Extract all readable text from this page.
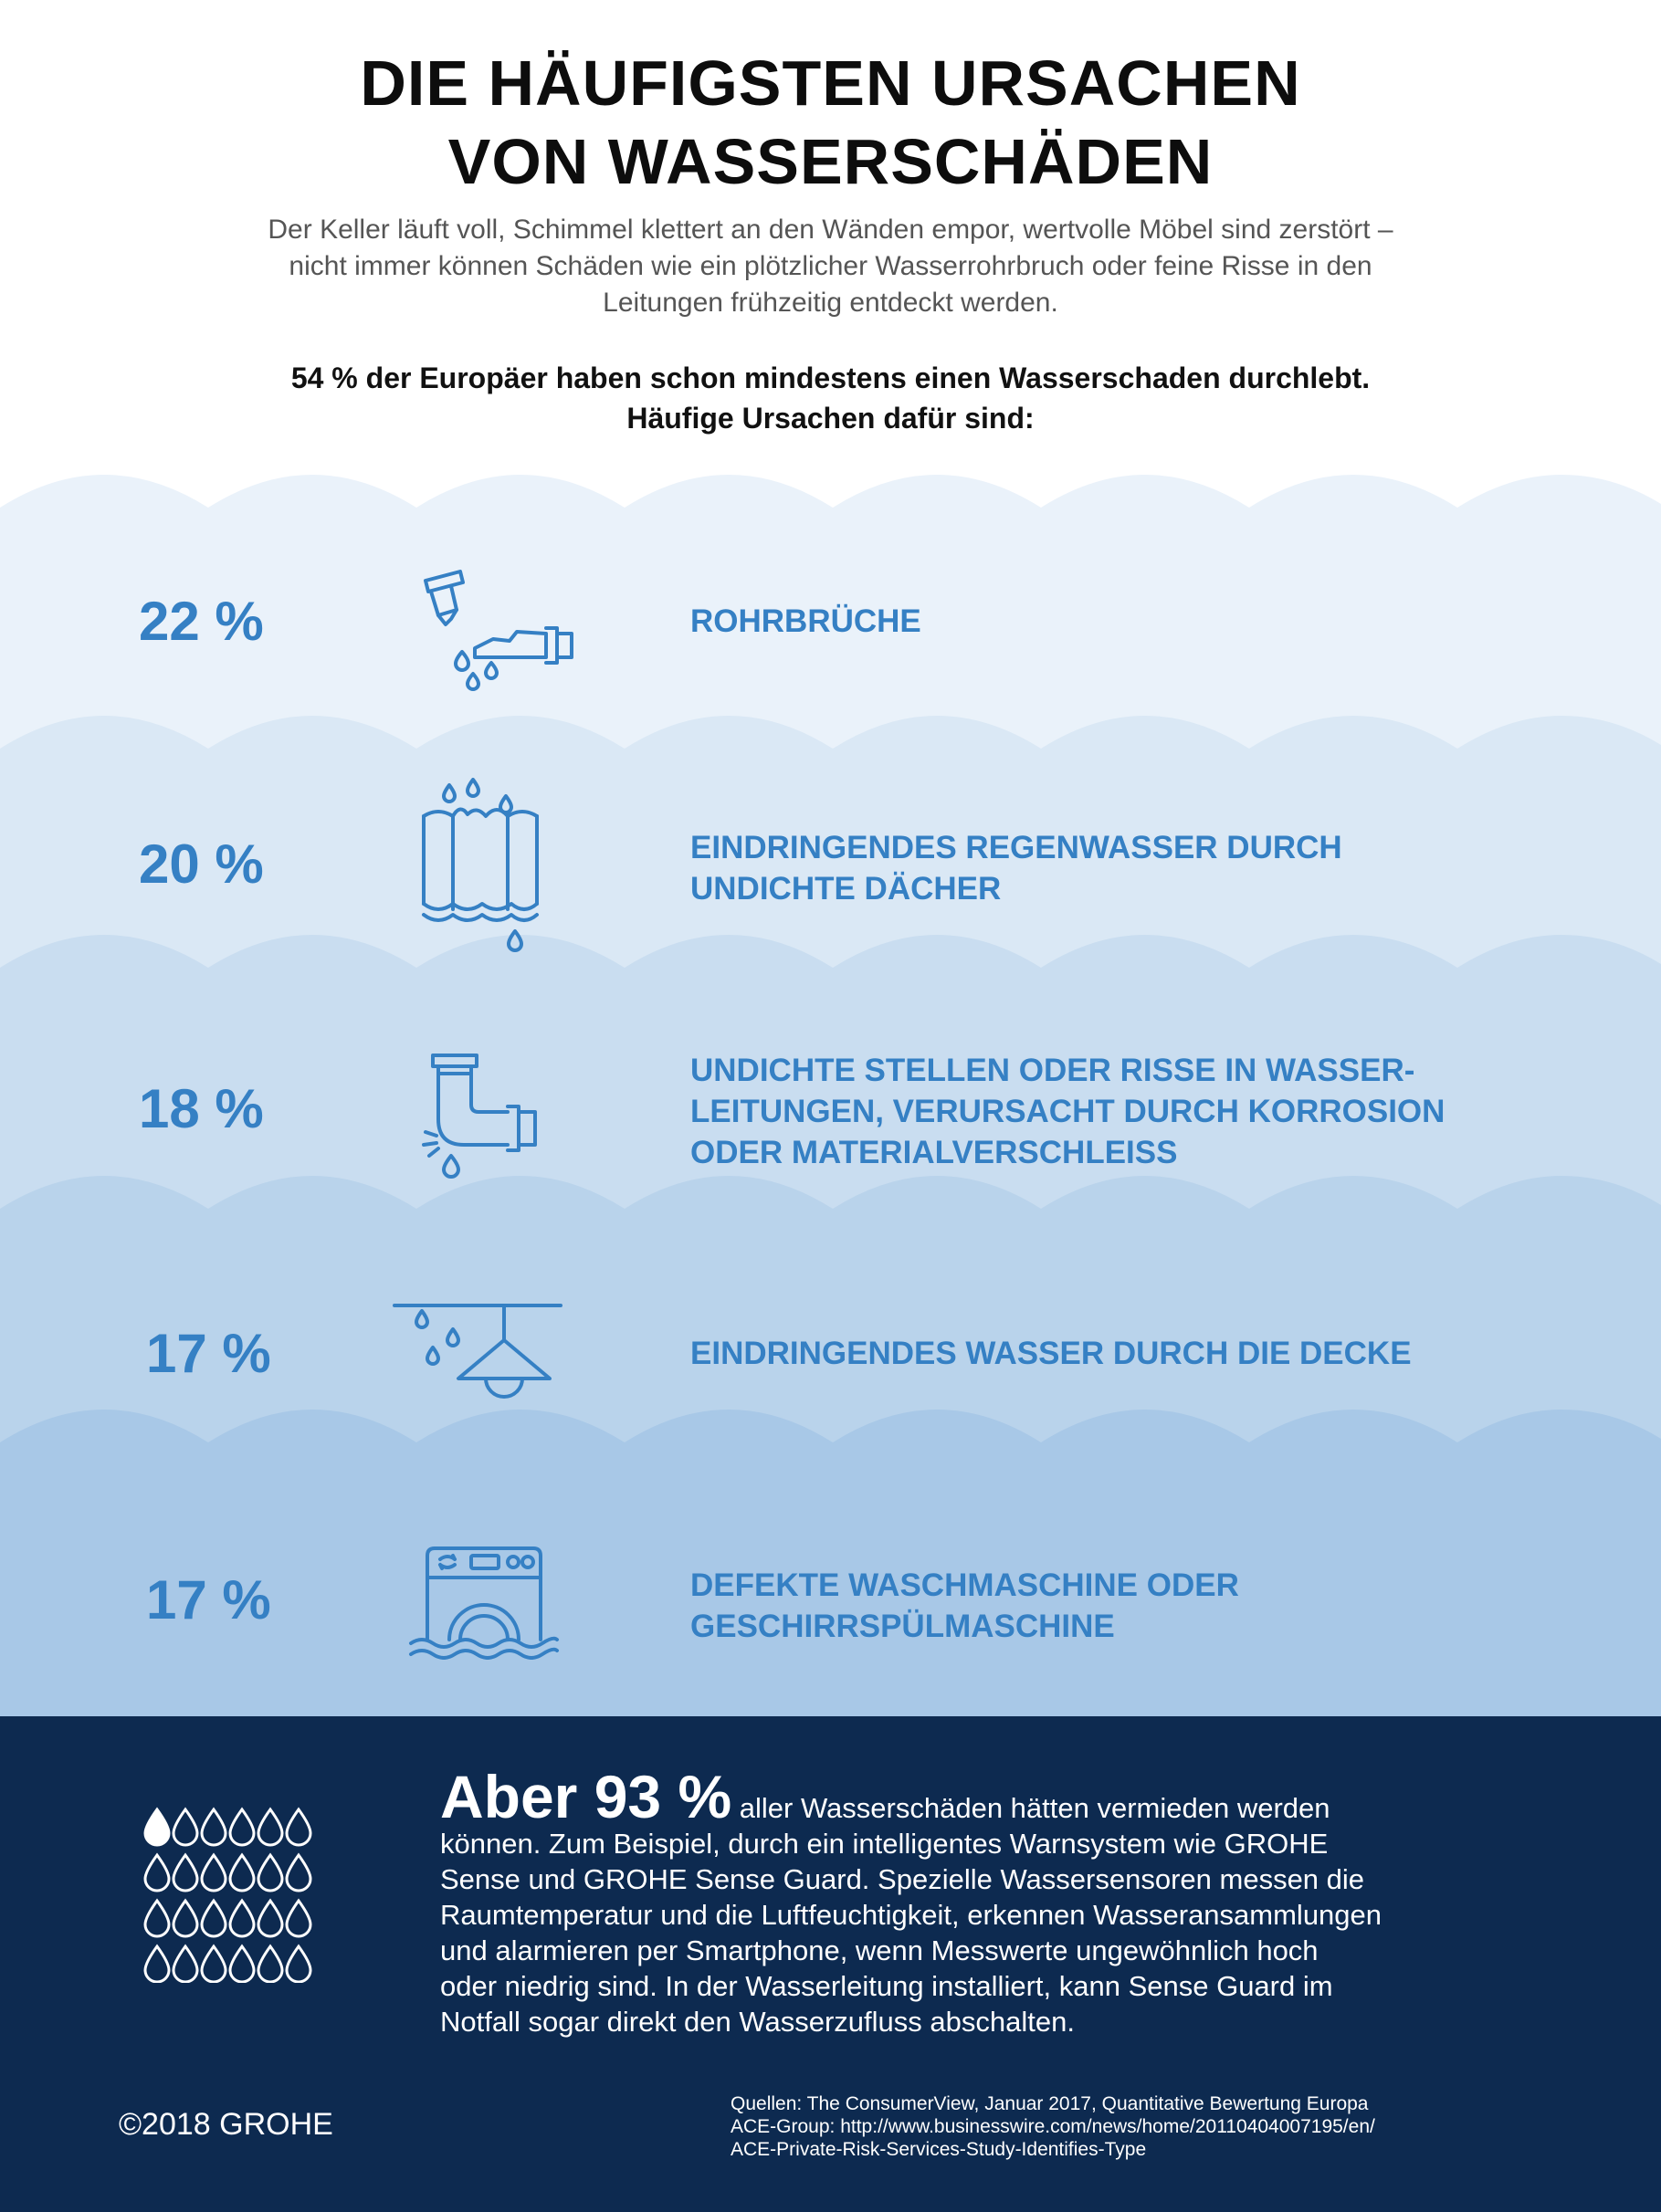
DIE HÄUFIGSTEN URSACHEN
VON WASSERSCHÄDEN
Der Keller läuft voll, Schimmel klettert an den Wänden empor, wertvolle Möbel sind zerstört –
nicht immer können Schäden wie ein plötzlicher Wasserrohrbruch oder feine Risse in den
Leitungen frühzeitig entdeckt werden.
54 % der Europäer haben schon mindestens einen Wasserschaden durchlebt.
Häufige Ursachen dafür sind:
22 %	ROHRBRÜCHE
20 %	EINDRINGENDES REGENWASSER DURCH
UNDICHTE DÄCHER
18 %
UNDICHTE STELLEN ODER RISSE IN WASSER-
LEITUNGEN, VERURSACHT DURCH KORROSION
ODER MATERIALVERSCHLEISS
17 %	EINDRINGENDES WASSER DURCH DIE DECKE
17 %	DEFEKTE WASCHMASCHINE ODER
GESCHIRRSPÜLMASCHINE
Aber 93 % aller Wasserschäden hätten vermieden werden
können. Zum Beispiel, durch ein intelligentes Warnsystem wie GROHE
Sense und GROHE Sense Guard. Spezielle Wassersensoren messen die
Raumtemperatur und die Luftfeuchtigkeit, erkennen Wasseransammlungen
und alarmieren per Smartphone, wenn Messwerte ungewöhnlich hoch
oder niedrig sind. In der Wasserleitung installiert, kann Sense Guard im
Notfall sogar direkt den Wasserzufluss abschalten.
©2018 GROHE
Quellen: The ConsumerView, Januar 2017, Quantitative Bewertung Europa
ACE-Group: http://www.businesswire.com/news/home/20110404007195/en/
ACE-Private-Risk-Services-Study-Identifies-Type
